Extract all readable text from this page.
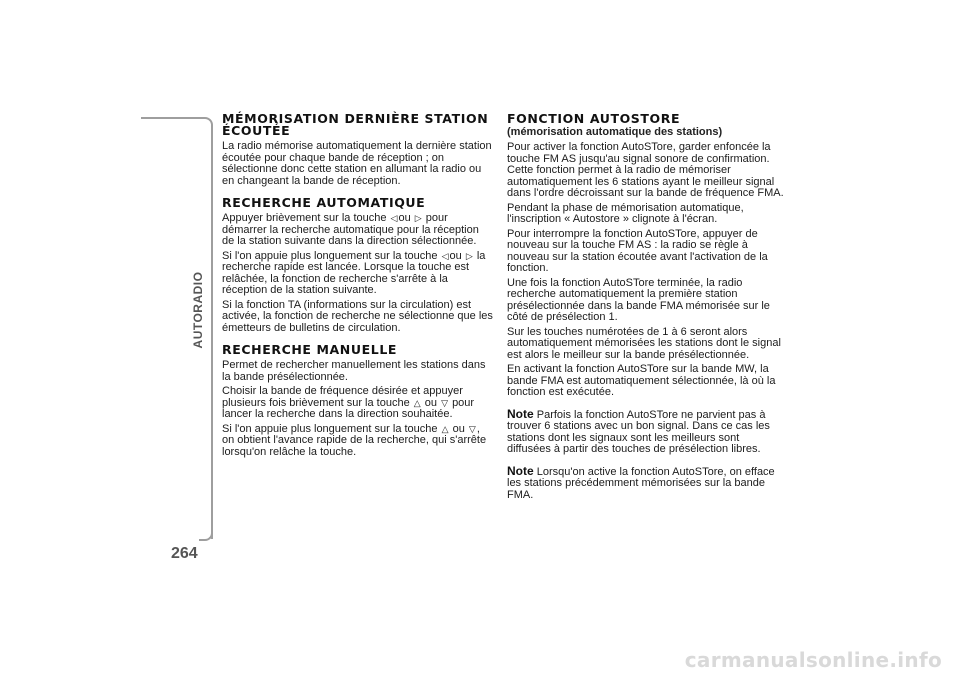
AUTORADIO
264
MÉMORISATION DERNIÈRE STATION ÉCOUTÉE

La radio mémorise automatiquement la dernière station écoutée pour chaque bande de réception ; on sélectionne donc cette station en allumant la radio ou en changeant la bande de réception.

RECHERCHE AUTOMATIQUE

Appuyer brièvement sur la touche ◁ou ▷ pour démarrer la recherche automatique pour la réception de la station suivante dans la direction sélectionnée.

Si l'on appuie plus longuement sur la touche ◁ou ▷ la recherche rapide est lancée. Lorsque la touche est relâchée, la fonction de recherche s'arrête à la réception de la station suivante.

Si la fonction TA (informations sur la circulation) est activée, la fonction de recherche ne sélectionne que les émetteurs de bulletins de circulation.

RECHERCHE MANUELLE

Permet de rechercher manuellement les stations dans la bande présélectionnée.

Choisir la bande de fréquence désirée et appuyer plusieurs fois brièvement sur la touche △ ou ▽ pour lancer la recherche dans la direction souhaitée.

Si l'on appuie plus longuement sur la touche △ ou ▽, on obtient l'avance rapide de la recherche, qui s'arrête lorsqu'on relâche la touche.

FONCTION AUTOSTORE
(mémorisation automatique des stations)

Pour activer la fonction AutoSTore, garder enfoncée la touche FM AS jusqu'au signal sonore de confirmation. Cette fonction permet à la radio de mémoriser automatiquement les 6 stations ayant le meilleur signal dans l'ordre décroissant sur la bande de fréquence FMA.

Pendant la phase de mémorisation automatique, l'inscription « Autostore » clignote à l'écran.

Pour interrompre la fonction AutoSTore, appuyer de nouveau sur la touche FM AS : la radio se règle à nouveau sur la station écoutée avant l'activation de la fonction.

Une fois la fonction AutoSTore terminée, la radio recherche automatiquement la première station présélectionnée dans la bande FMA mémorisée sur le côté de présélection 1.

Sur les touches numérotées de 1 à 6 seront alors automatiquement mémorisées les stations dont le signal est alors le meilleur sur la bande présélectionnée.

En activant la fonction AutoSTore sur la bande MW, la bande FMA est automatiquement sélectionnée, là où la fonction est exécutée.

Note Parfois la fonction AutoSTore ne parvient pas à trouver 6 stations avec un bon signal. Dans ce cas les stations dont les signaux sont les meilleurs sont diffusées à partir des touches de présélection libres.

Note Lorsqu'on active la fonction AutoSTore, on efface les stations précédemment mémorisées sur la bande FMA.

carmanualsonline.info
